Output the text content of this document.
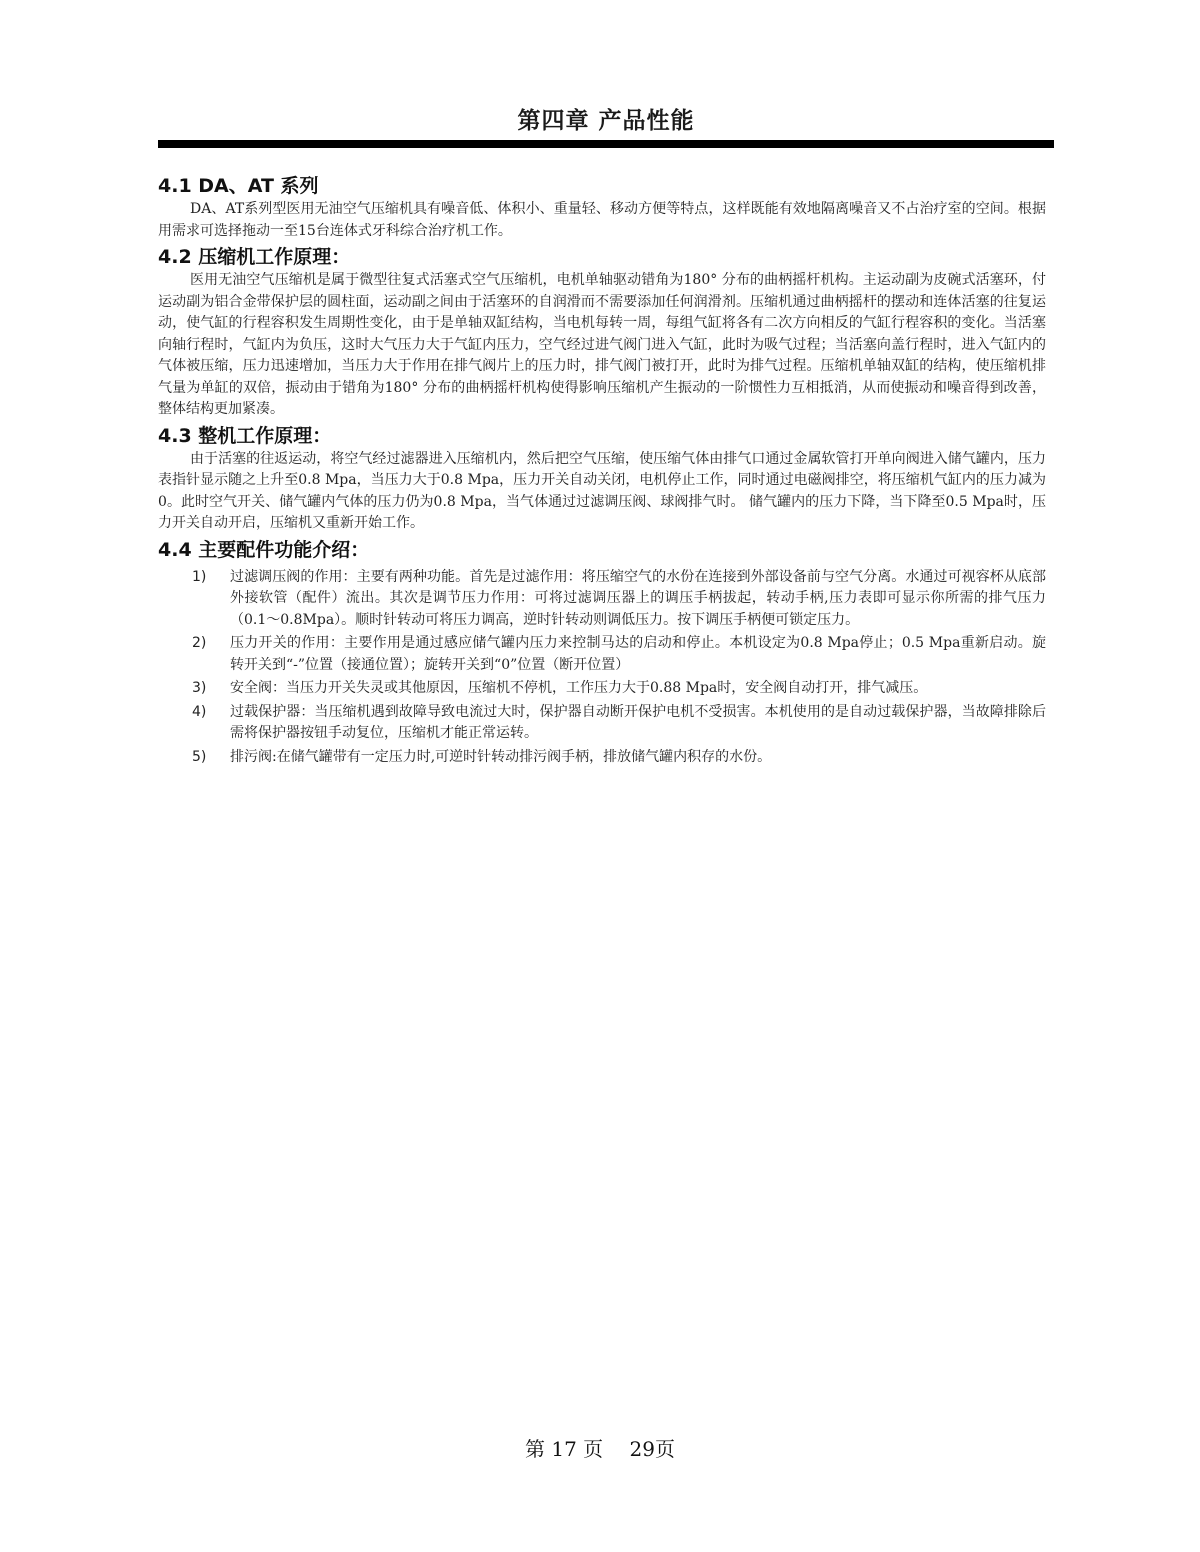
第四章 产品性能
4.1 DA、AT 系列

DA、AT系列型医用无油空气压缩机具有噪音低、体积小、重量轻、移动方便等特点，这样既能有效地隔离噪音又不占治疗室的空间。根据用需求可选择拖动一至15台连体式牙科综合治疗机工作。

4.2 压缩机工作原理：

医用无油空气压缩机是属于微型往复式活塞式空气压缩机，电机单轴驱动错角为180° 分布的曲柄摇杆机构。主运动副为皮碗式活塞环，付运动副为铝合金带保护层的圆柱面，运动副之间由于活塞环的自润滑而不需要添加任何润滑剂。压缩机通过曲柄摇杆的摆动和连体活塞的往复运动，使气缸的行程容积发生周期性变化，由于是单轴双缸结构，当电机每转一周，每组气缸将各有二次方向相反的气缸行程容积的变化。当活塞向轴行程时，气缸内为负压，这时大气压力大于气缸内压力，空气经过进气阀门进入气缸，此时为吸气过程；当活塞向盖行程时，进入气缸内的气体被压缩，压力迅速增加，当压力大于作用在排气阀片上的压力时，排气阀门被打开，此时为排气过程。压缩机单轴双缸的结构，使压缩机排气量为单缸的双倍，振动由于错角为180° 分布的曲柄摇杆机构使得影响压缩机产生振动的一阶惯性力互相抵消，从而使振动和噪音得到改善，整体结构更加紧凑。

4.3 整机工作原理：

由于活塞的往返运动，将空气经过滤器进入压缩机内，然后把空气压缩，使压缩气体由排气口通过金属软管打开单向阀进入储气罐内，压力表指针显示随之上升至0.8 Mpa，当压力大于0.8 Mpa，压力开关自动关闭，电机停止工作，同时通过电磁阀排空，将压缩机气缸内的压力减为0。此时空气开关、储气罐内气体的压力仍为0.8 Mpa，当气体通过过滤调压阀、球阀排气时。 储气罐内的压力下降，当下降至0.5 Mpa时，压力开关自动开启，压缩机又重新开始工作。

4.4 主要配件功能介绍：
1) 过滤调压阀的作用：主要有两种功能。首先是过滤作用：将压缩空气的水份在连接到外部设备前与空气分离。水通过可视容杯从底部外接软管（配件）流出。其次是调节压力作用：可将过滤调压器上的调压手柄拔起，转动手柄,压力表即可显示你所需的排气压力（0.1～0.8Mpa）。顺时针转动可将压力调高，逆时针转动则调低压力。按下调压手柄便可锁定压力。
2) 压力开关的作用：主要作用是通过感应储气罐内压力来控制马达的启动和停止。本机设定为0.8 Mpa停止；0.5 Mpa重新启动。旋转开关到“-”位置（接通位置）；旋转开关到“0”位置（断开位置）
3) 安全阀：当压力开关失灵或其他原因，压缩机不停机，工作压力大于0.88 Mpa时，安全阀自动打开，排气减压。
4) 过载保护器：当压缩机遇到故障导致电流过大时，保护器自动断开保护电机不受损害。本机使用的是自动过载保护器，当故障排除后需将保护器按钮手动复位，压缩机才能正常运转。
5) 排污阀:在储气罐带有一定压力时,可逆时针转动排污阀手柄，排放储气罐内积存的水份。
第 17 页 29页
